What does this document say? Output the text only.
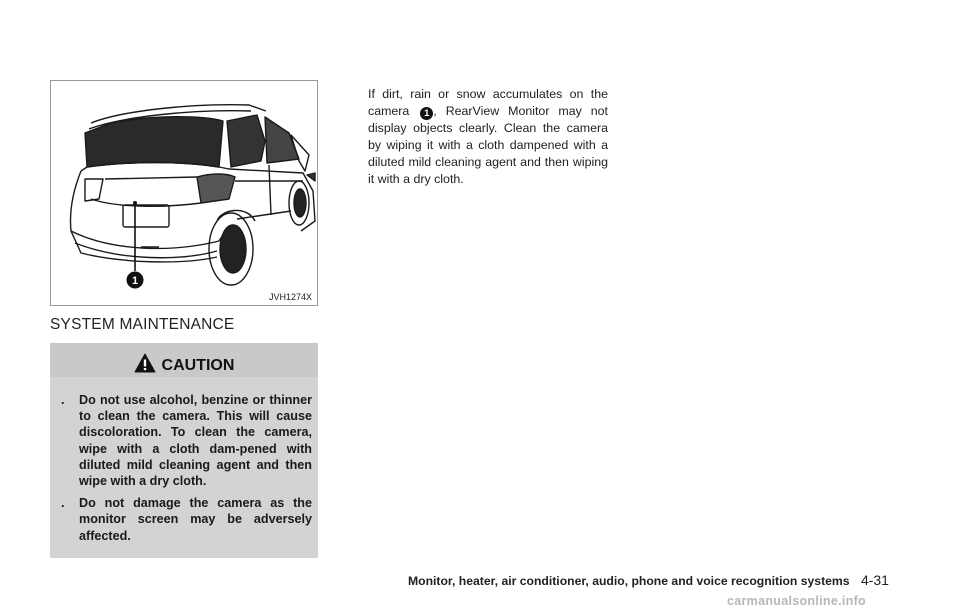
1
JVH1274X
SYSTEM MAINTENANCE
CAUTION
. Do not use alcohol, benzine or thinner to clean the camera. This will cause discoloration. To clean the camera, wipe with a cloth dam-pened with diluted mild cleaning agent and then wipe with a dry cloth.
. Do not damage the camera as the monitor screen may be adversely affected.

If dirt, rain or snow accumulates on the camera 1 , RearView Monitor may not display objects clearly. Clean the camera by wiping it with a cloth dampened with a diluted mild cleaning agent and then wiping it with a dry cloth.

Monitor, heater, air conditioner, audio, phone and voice recognition systems 4-31
carmanualsonline.info
